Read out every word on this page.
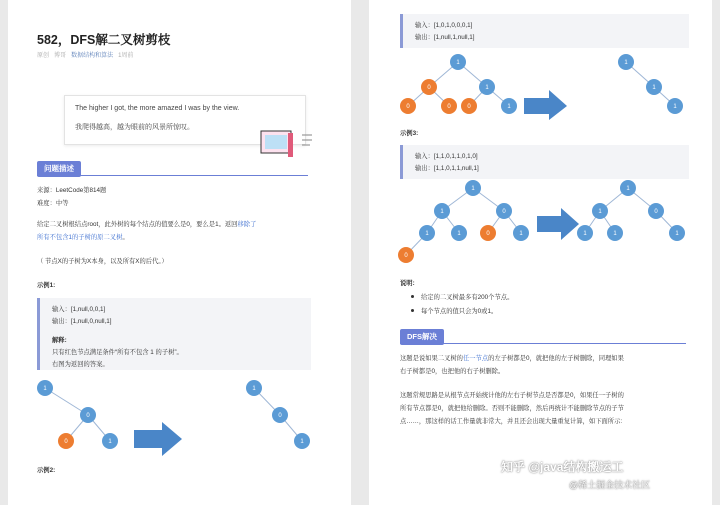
582，DFS解二叉树剪枝
原创 博哥 数据结构和算法 1周前
The higher I got, the more amazed I was by the view.
我爬得越高，越为眼前的风景所惊叹。
问题描述
来源：LeetCode第814题
难度：中等
给定二叉树根结点root，此外树的每个结点的值要么是0，要么是1。返回移除了
所有不包含1的子树的原二叉树。
（ 节点X的子树为X本身，以及所有X的后代。）
示例1:
输入：[1,null,0,0,1]
输出：[1,null,0,null,1]
解释:
只有红色节点满足条件“所有不包含 1 的子树”。
右图为返回的答案。
1
0
0	1
1
0
1
示例2:
输入：[1,0,1,0,0,0,1]
输出：[1,null,1,null,1]
1
0	1
0	0	0	1
1
1
1
示例3:
输入：[1,1,0,1,1,0,1,0]
输出：[1,1,0,1,1,null,1]
1
1	0
1	1	0	1
0
1
1	0
1	1	1
说明:
给定的二叉树最多有200个节点。
每个节点的值只会为0或1。
DFS解决
这题是说如果二叉树的任一节点的左子树都是0，就把他的左子树删除，同理如果
右子树都是0，也把他的右子树删除。
这题常规思路是从根节点开始统计他的左右子树节点是否都是0，如果任一子树的
所有节点都是0，就把他给删除。否则不能删除，然后再统计不能删除节点的子节
点……，那这样的话工作量就非常大，并且还会出现大量重复计算，如下面所示:
知乎 @java结构搬运工
@稀土掘金技术社区
